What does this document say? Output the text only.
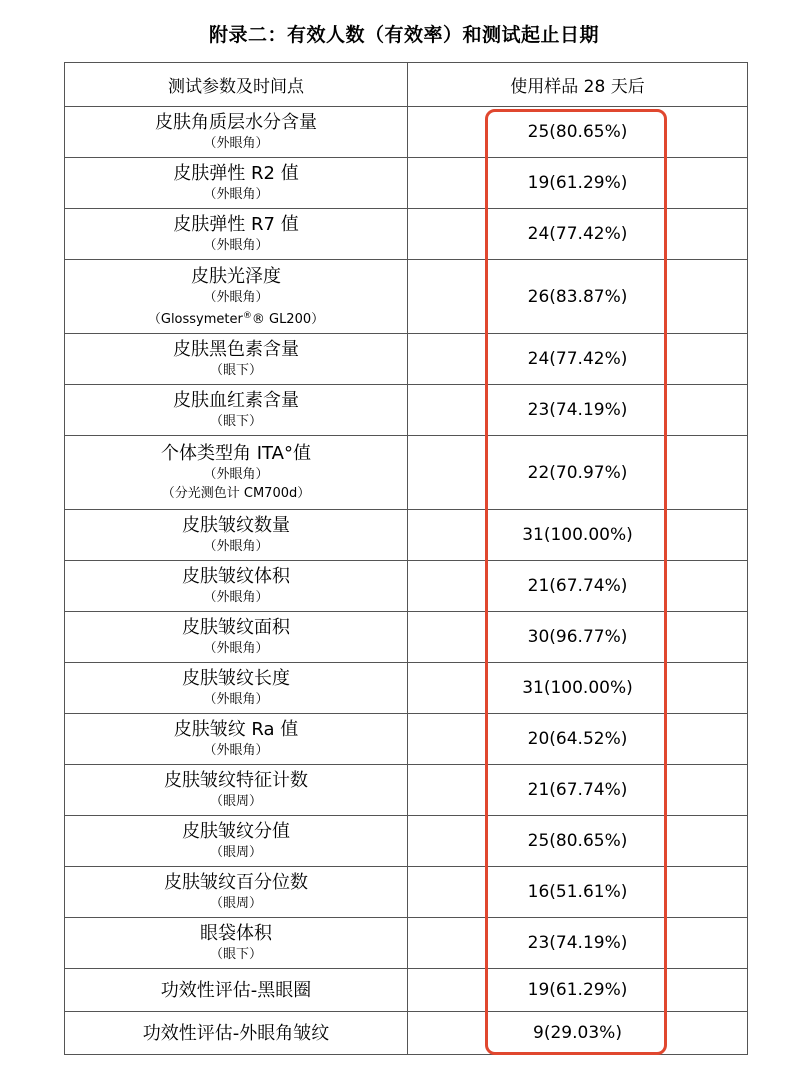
附录二：有效人数（有效率）和测试起止日期
测试参数及时间点	使用样品 28 天后

皮肤角质层水分含量
（外眼角）	25(80.65%)

皮肤弹性 R2 值
（外眼角）	19(61.29%)

皮肤弹性 R7 值
（外眼角）	24(77.42%)

皮肤光泽度
（外眼角）
（Glossymeter®® GL200）	26(83.87%)

皮肤黑色素含量
（眼下）	24(77.42%)

皮肤血红素含量
（眼下）	23(74.19%)

个体类型角 ITA°值
（外眼角）
（分光测色计 CM700d）	22(70.97%)

皮肤皱纹数量
（外眼角）	31(100.00%)

皮肤皱纹体积
（外眼角）	21(67.74%)

皮肤皱纹面积
（外眼角）	30(96.77%)

皮肤皱纹长度
（外眼角）	31(100.00%)

皮肤皱纹 Ra 值
（外眼角）	20(64.52%)

皮肤皱纹特征计数
（眼周）	21(67.74%)

皮肤皱纹分值
（眼周）	25(80.65%)

皮肤皱纹百分位数
（眼周）	16(51.61%)

眼袋体积
（眼下）	23(74.19%)

功效性评估-黑眼圈	19(61.29%)

功效性评估-外眼角皱纹	9(29.03%)
